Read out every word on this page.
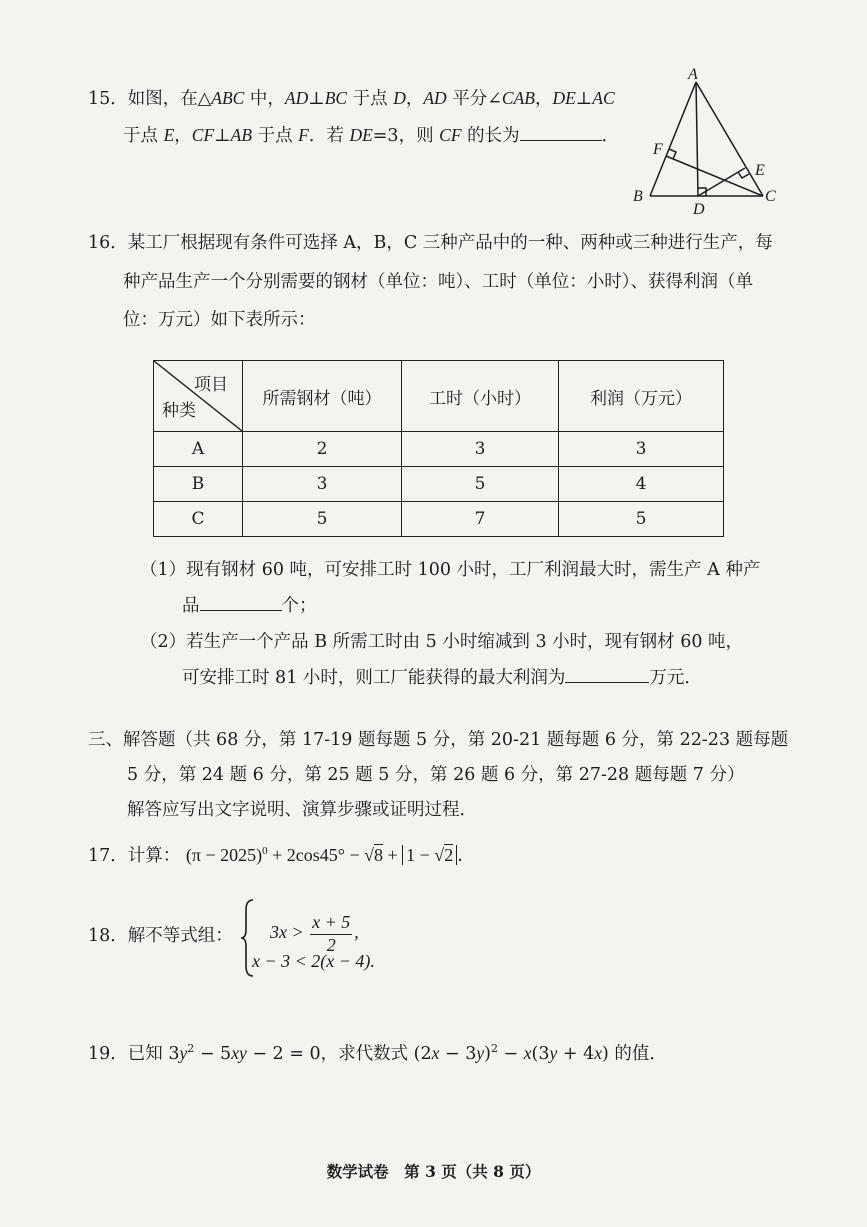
15．如图，在△ABC 中，AD⊥BC 于点 D，AD 平分∠CAB，DE⊥AC
于点 E，CF⊥AB 于点 F．若 DE=3，则 CF 的长为	．
A
B	C
D
E
F
16．某工厂根据现有条件可选择 A，B，C 三种产品中的一种、两种或三种进行生产，每
种产品生产一个分别需要的钢材（单位：吨）、工时（单位：小时）、获得利润（单
位：万元）如下表所示：
项目
种类	所需钢材（吨）	工时（小时）	利润（万元）
A	2	3	3
B	3	5	4
C	5	7	5
（1）现有钢材 60 吨，可安排工时 100 小时，工厂利润最大时，需生产 A 种产
品	个；
（2）若生产一个产品 B 所需工时由 5 小时缩减到 3 小时，现有钢材 60 吨，
可安排工时 81 小时，则工厂能获得的最大利润为	万元．
三、解答题（共 68 分，第 17-19 题每题 5 分，第 20-21 题每题 6 分，第 22-23 题每题
5 分，第 24 题 6 分，第 25 题 5 分，第 26 题 6 分，第 27-28 题每题 7 分）
解答应写出文字说明、演算步骤或证明过程．
17．计算： $(\pi - 2025)^0 + 2\cos 45^\circ - √8 + 1 - √2$ ．
18．解不等式组： $3x > \frac{x + 5}{2}$ ,
x − 3 < 2(x − 4).
19．已知 $3y^2 - 5xy - 2 = 0$，求代数式 $(2x - 3y)^2 - x(3y + 4x)$ 的值．
数学试卷　第 3 页（共 8 页）
